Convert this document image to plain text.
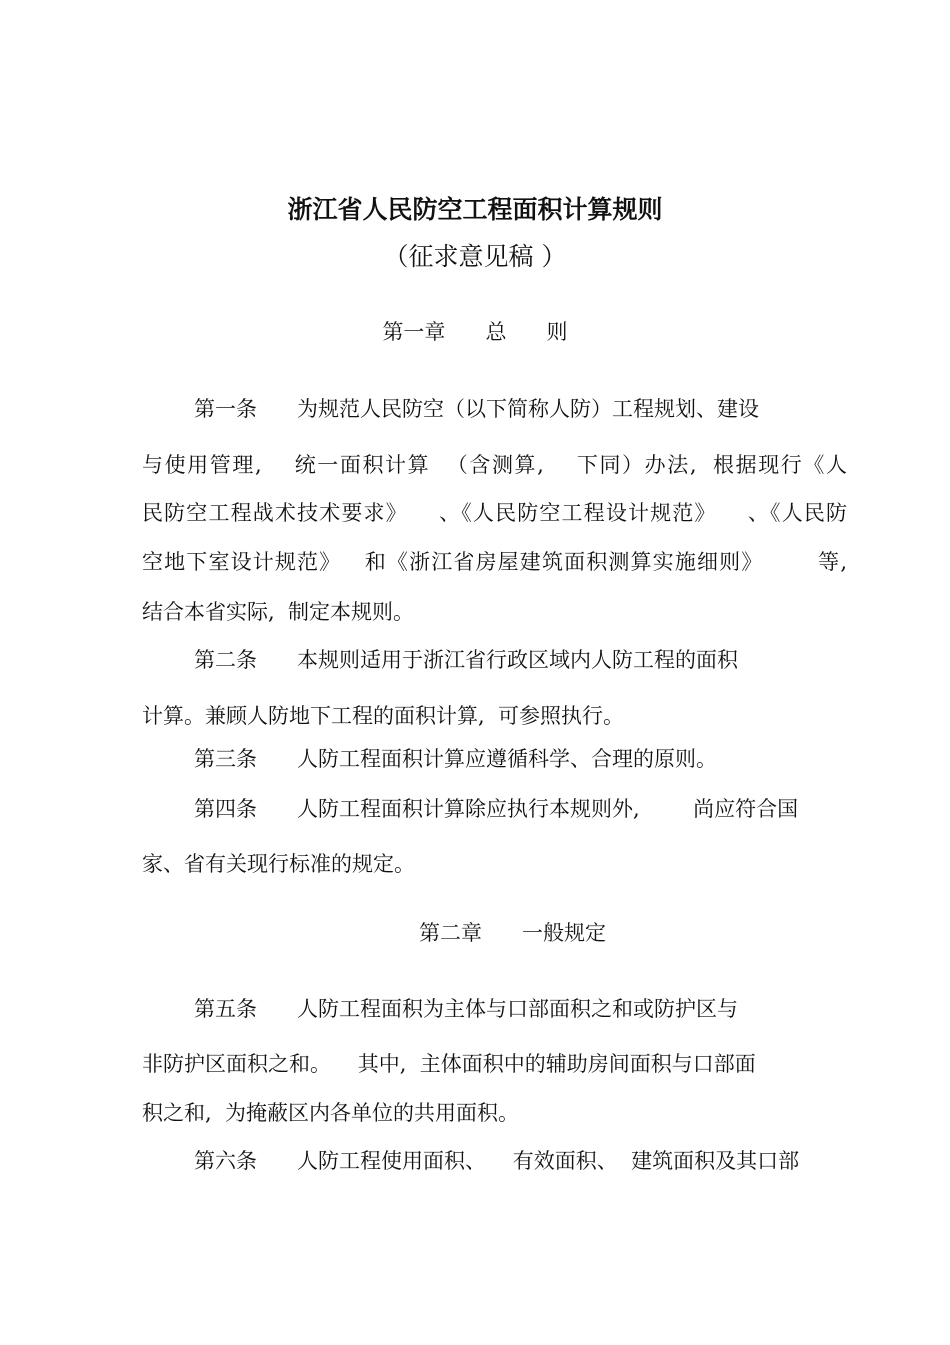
浙江省人民防空工程面积计算规则
（征求意见稿 ）
第一章      总      则
第一条      为规范人民防空（以下简称人防）工程规划、建设
与使用管理,    统一面积计算  （含测算,    下同）办法,  根据现行《人
民防空工程战术技术要求》    、《人民防空工程设计规范》    、《人民防
空地下室设计规范》   和《浙江省房屋建筑面积测算实施细则》       等,
结合本省实际,  制定本规则。
第二条      本规则适用于浙江省行政区域内人防工程的面积
计算。兼顾人防地下工程的面积计算,  可参照执行。
第三条      人防工程面积计算应遵循科学、合理的原则。
第四条      人防工程面积计算除应执行本规则外,        尚应符合国
家、省有关现行标准的规定。
第二章      一般规定
第五条      人防工程面积为主体与口部面积之和或防护区与
非防护区面积之和。    其中,  主体面积中的辅助房间面积与口部面
积之和,  为掩蔽区内各单位的共用面积。
第六条      人防工程使用面积、    有效面积、  建筑面积及其口部
